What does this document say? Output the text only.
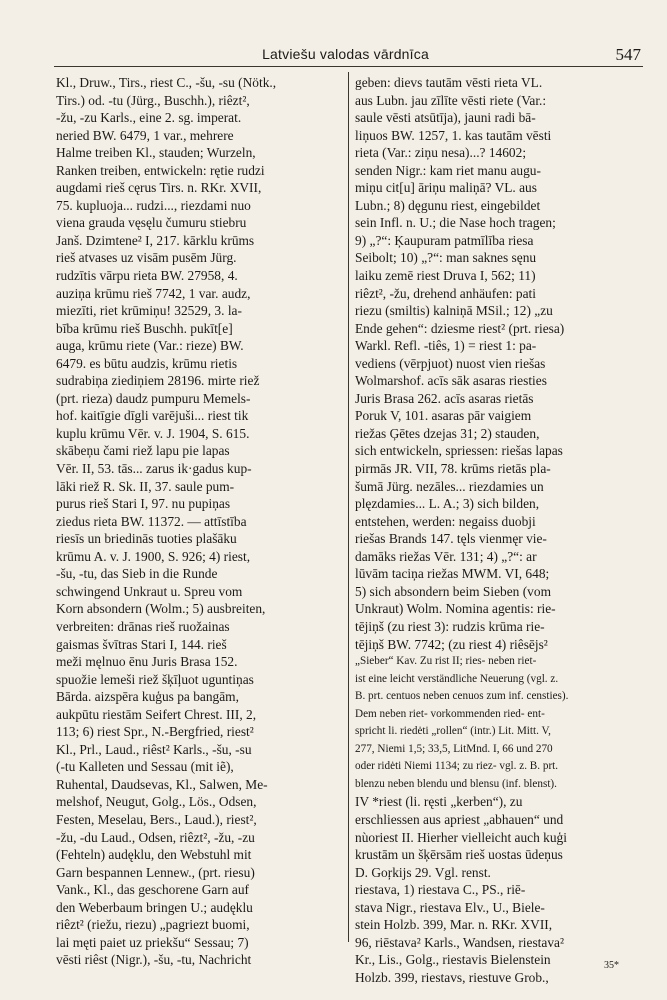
Latviešu valodas vārdnīca	547
Kl., Druw., Tirs., riest C., -šu, -su (Nötk.,
Tirs.) od. -tu (Jürg., Buschh.), riêzt²,
-žu, -zu Karls., eine 2. sg. imperat.
neried BW. 6479, 1 var., mehrere
Halme treiben Kl., stauden; Wurzeln,
Ranken treiben, entwickeln: rętie rudzi
augdami rieš cęrus Tirs. n. RKr. XVII,
75. kupluoja... rudzi..., riezdami nuo
viena grauda vęsęlu čumuru stiebru
Janš. Dzimtene² I, 217. kārklu krūms
rieš atvases uz visām pusēm Jürg.
rudzītis vārpu rieta BW. 27958, 4.
auziņa krūmu rieš 7742, 1 var. audz,
miezīti, riet krūmiņu! 32529, 3. la-
bība krūmu rieš Buschh. pukīt[e]
auga, krūmu riete (Var.: rieze) BW.
6479. es būtu audzis, krūmu rietis
sudrabiņa ziediņiem 28196. mirte riež
(prt. rieza) daudz pumpuru Memels-
hof. kaitīgie dīgli varējuši... riest tik
kuplu krūmu Vēr. v. J. 1904, S. 615.
skābeņu čami riež lapu pie lapas
Vēr. II, 53. tās... zarus ik·gadus kup-
lāki riež R. Sk. II, 37. saule pum-
purus rieš Stari I, 97. nu pupiņas
ziedus rieta BW. 11372. — attīstība
riesīs un briedinās tuoties plašāku
krūmu A. v. J. 1900, S. 926; 4) riest,
-šu, -tu, das Sieb in die Runde
schwingend Unkraut u. Spreu vom
Korn absondern (Wolm.; 5) ausbreiten,
verbreiten: drānas rieš ruožainas
gaismas švītras Stari I, 144. rieš
meži męlnuo ēnu Juris Brasa 152.
spuožie lemeši riež šķīļuot uguntiņas
Bārda. aizspēra kuģus pa bangām,
aukpūtu riestām Seifert Chrest. III, 2,
113; 6) riest Spr., N.-Bergfried, riest²
Kl., Prl., Laud., riêst² Karls., -šu, -su
(-tu Kalleten und Sessau (mit iẽ),
Ruhental, Daudsevas, Kl., Salwen, Me-
melshof, Neugut, Golg., Lös., Odsen,
Festen, Meselau, Bers., Laud.), riest²,
-žu, -du Laud., Odsen, riêzt², -žu, -zu
(Fehteln) audęklu, den Webstuhl mit
Garn bespannen Lennew., (prt. riesu)
Vank., Kl., das geschorene Garn auf
den Weberbaum bringen U.; audęklu
riêzt² (riežu, riezu) „pagriezt buomi,
lai męti paiet uz priekšu“ Sessau; 7)
vēsti riêst (Nigr.), -šu, -tu, Nachricht
geben: dievs tautām vēsti rieta VL.
aus Lubn. jau zīlīte vēsti riete (Var.:
saule vēsti atsūtīja), jauni radi bā-
liņuos BW. 1257, 1. kas tautām vēsti
rieta (Var.: ziņu nesa)...? 14602;
senden Nigr.: kam riet manu augu-
miņu cit[u] āriņu maliņā? VL. aus
Lubn.; 8) dęgunu riest, eingebildet
sein Infl. n. U.; die Nase hoch tragen;
9) „?“: Ķaupuram patmīlība riesa
Seibolt; 10) „?“: man saknes sęnu
laiku zemē riest Druva I, 562; 11)
riêzt², -žu, drehend anhäufen: pati
riezu (smiltis) kalniņā MSil.; 12) „zu
Ende gehen“: dziesme riest² (prt. riesa)
Warkl. Refl. -tiês, 1) = riest 1: pa-
vediens (vērpjuot) nuost vien riešas
Wolmarshof. acīs sāk asaras riesties
Juris Brasa 262. acīs asaras rietās
Poruk V, 101. asaras pār vaigiem
riežas Ģētes dzejas 31; 2) stauden,
sich entwickeln, spriessen: riešas lapas
pirmās JR. VII, 78. krūms rietās pla-
šumā Jürg. nezāles... riezdamies un
plęzdamies... L. A.; 3) sich bilden,
entstehen, werden: negaiss duobji
riešas Brands 147. tęls vienmęr vie-
damāks riežas Vēr. 131; 4) „?“: ar
lūvām taciņa riežas MWM. VI, 648;
5) sich absondern beim Sieben (vom
Unkraut) Wolm. Nomina agentis: rie-
tējiņš (zu riest 3): rudzis krūma rie-
tējiņš BW. 7742; (zu riest 4) riêsējs²
„Sieber“ Kav. Zu rist II; ries- neben riet-
ist eine leicht verständliche Neuerung (vgl. z.
B. prt. centuos neben cenuos zum inf. censties).
Dem neben riet- vorkommenden ried- ent-
spricht li. riedėti „rollen“ (intr.) Lit. Mitt. V,
277, Niemi 1,5; 33,5, LitMnd. I, 66 und 270
oder ridėti Niemi 1134; zu riez- vgl. z. B. prt.
blenzu neben blendu und blensu (inf. blenst).
IV *riest (li. ręsti „kerben“), zu
erschliessen aus apriest „abhauen“ und
nùoriest II. Hierher vielleicht auch kuģi
krustām un šķērsām rieš uostas ūdeņus
D. Goŗkijs 29. Vgl. renst.
riestava, 1) riestava C., PS., riē-
stava Nigr., riestava Elv., U., Biele-
stein Holzb. 399, Mar. n. RKr. XVII,
96, riēstava² Karls., Wandsen, riestava²
Kr., Lis., Golg., riestavis Bielenstein
Holzb. 399, riestavs, riestuve Grob.,
35*
